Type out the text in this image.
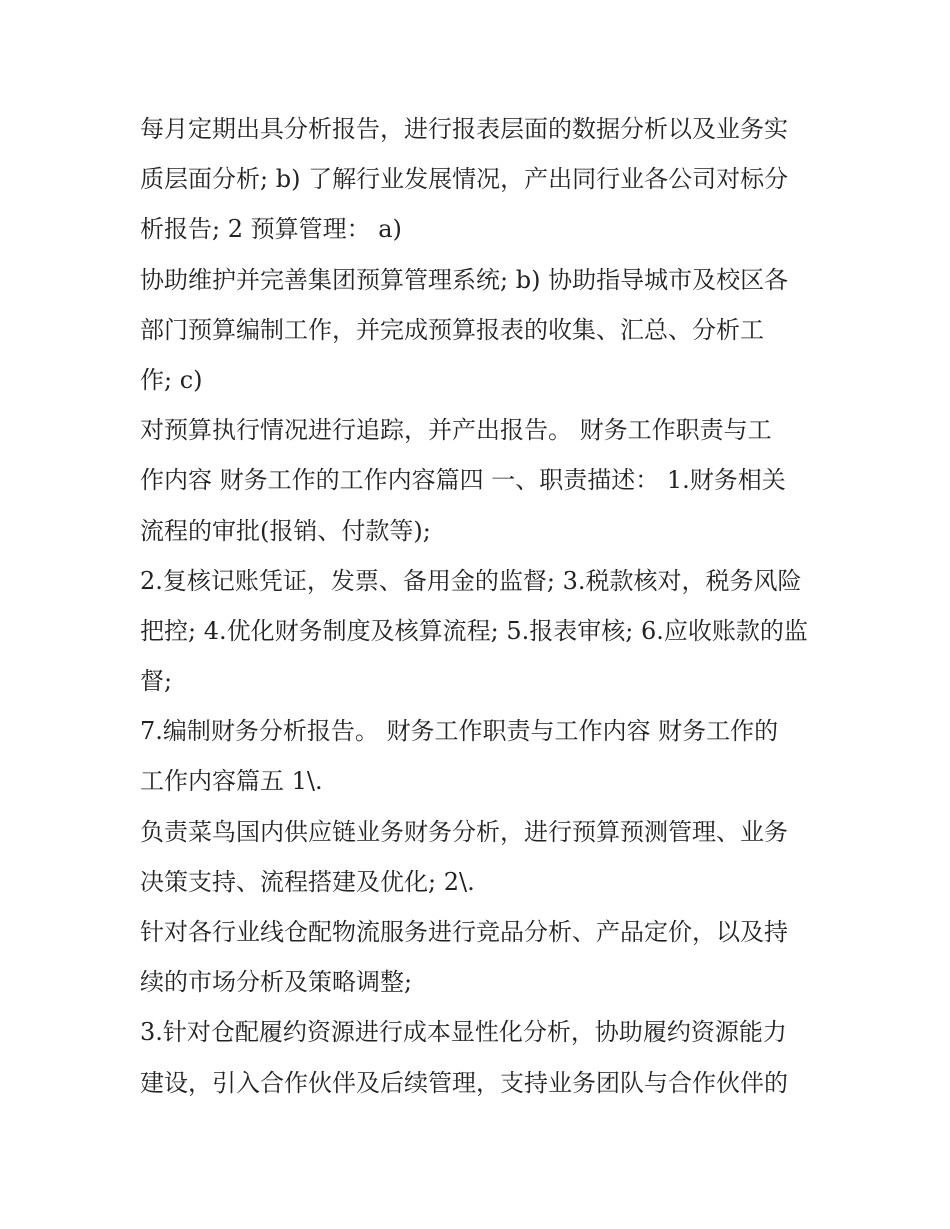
每月定期出具分析报告，进行报表层面的数据分析以及业务实
质层面分析; b) 了解行业发展情况，产出同行业各公司对标分
析报告; 2 预算管理： a)
协助维护并完善集团预算管理系统; b) 协助指导城市及校区各
部门预算编制工作，并完成预算报表的收集、汇总、分析工
作; c)
对预算执行情况进行追踪，并产出报告。 财务工作职责与工
作内容 财务工作的工作内容篇四 一、职责描述： 1.财务相关
流程的审批(报销、付款等);
2.复核记账凭证，发票、备用金的监督; 3.税款核对，税务风险
把控; 4.优化财务制度及核算流程; 5.报表审核; 6.应收账款的监
督;
7.编制财务分析报告。 财务工作职责与工作内容 财务工作的
工作内容篇五 1\.
负责菜鸟国内供应链业务财务分析，进行预算预测管理、业务
决策支持、流程搭建及优化; 2\.
针对各行业线仓配物流服务进行竞品分析、产品定价，以及持
续的市场分析及策略调整;
3.针对仓配履约资源进行成本显性化分析，协助履约资源能力
建设，引入合作伙伴及后续管理，支持业务团队与合作伙伴的
